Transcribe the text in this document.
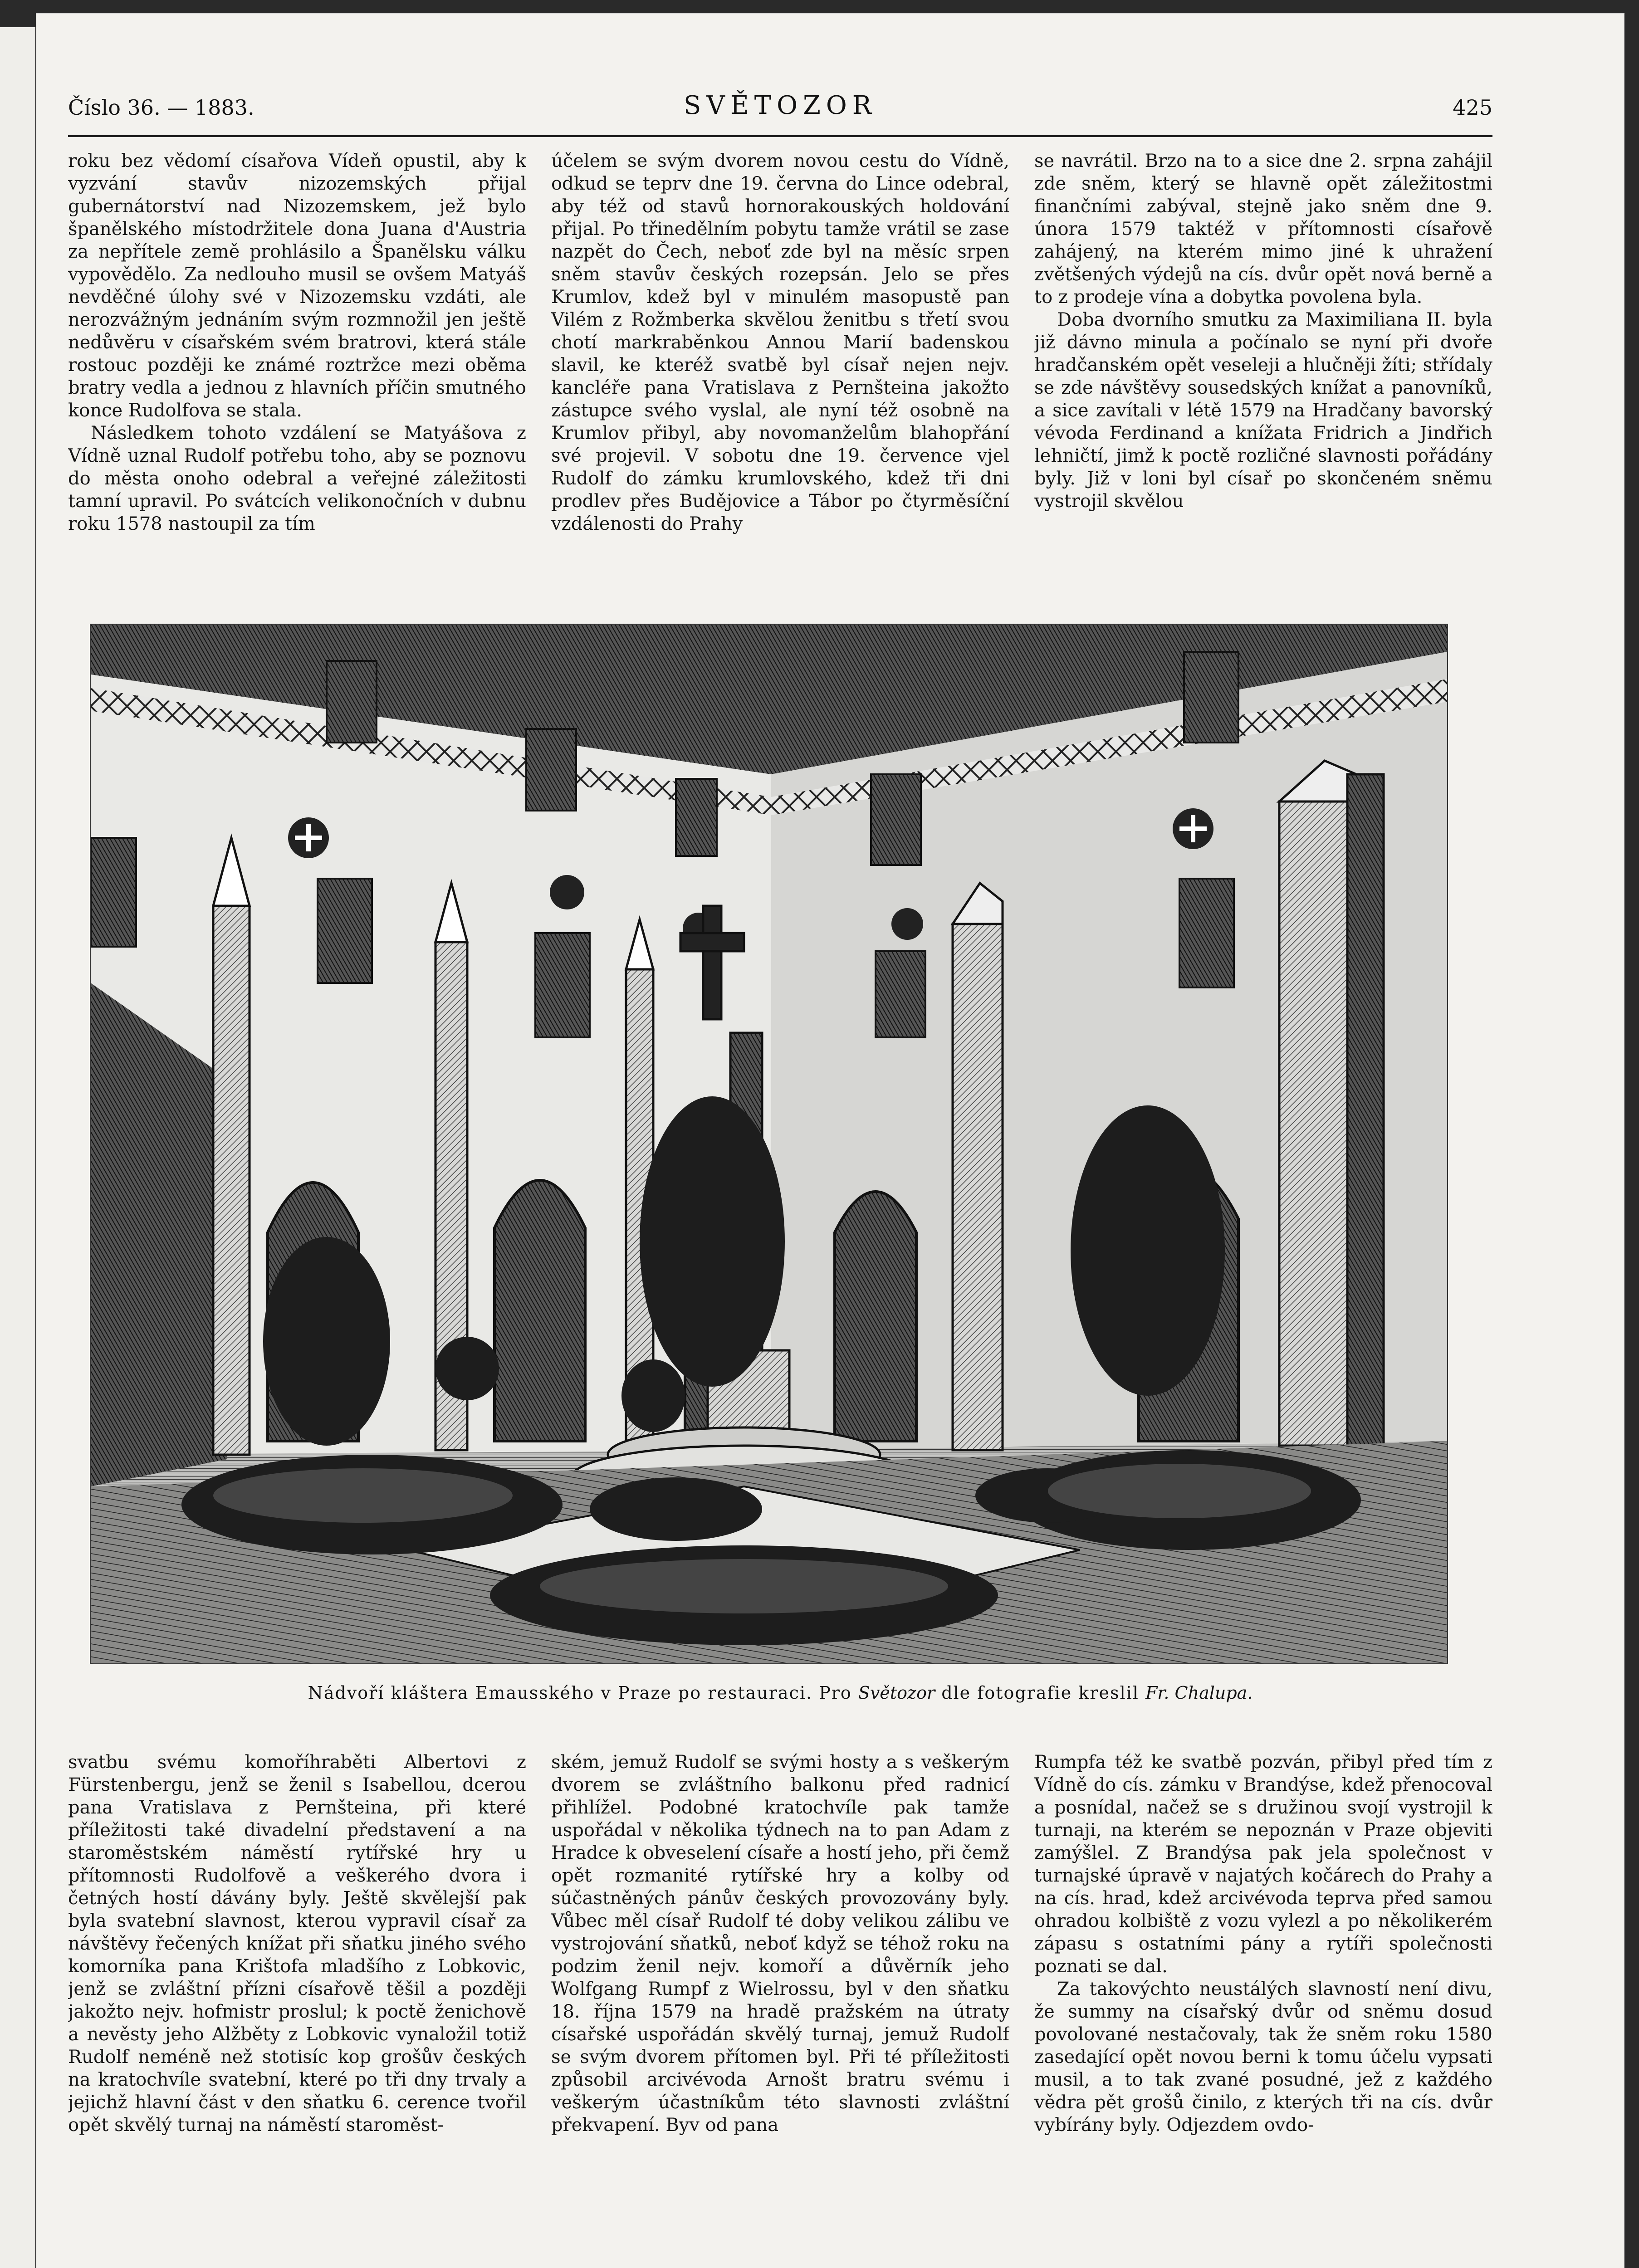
Číslo 36. — 1883.	SVĚTOZOR	425

roku bez vědomí císařova Vídeň opustil, aby k vyzvání stavův nizozemských přijal gubernátorství nad Nizozemskem, jež bylo španělského místodržitele dona Juana d'Austria za nepřítele země prohlásilo a Španělsku válku vypovědělo. Za nedlouho musil se ovšem Matyáš nevděčné úlohy své v Nizozemsku vzdáti, ale nerozvážným jednáním svým rozmnožil jen ještě nedůvěru v císařském svém bratrovi, která stále rostouc později ke známé roztržce mezi oběma bratry vedla a jednou z hlavních příčin smutného konce Rudolfova se stala.

Následkem tohoto vzdálení se Matyášova z Vídně uznal Rudolf potřebu toho, aby se poznovu do města onoho odebral a veřejné záležitosti tamní upravil. Po svátcích velikonočních v dubnu roku 1578 nastoupil za tím

účelem se svým dvorem novou cestu do Vídně, odkud se teprv dne 19. června do Lince odebral, aby též od stavů hornorakouských holdování přijal. Po třinedělním pobytu tamže vrátil se zase nazpět do Čech, neboť zde byl na měsíc srpen sněm stavův českých rozepsán. Jelo se přes Krumlov, kdež byl v minulém masopustě pan Vilém z Rožmberka skvělou ženitbu s třetí svou chotí markraběnkou Annou Marií badenskou slavil, ke kteréž svatbě byl císař nejen nejv. kancléře pana Vratislava z Pernšteina jakožto zástupce svého vyslal, ale nyní též osobně na Krumlov přibyl, aby novomanželům blahopřání své projevil. V sobotu dne 19. července vjel Rudolf do zámku krumlovského, kdež tři dni prodlev přes Budějovice a Tábor po čtyrměsíční vzdálenosti do Prahy

se navrátil. Brzo na to a sice dne 2. srpna zahájil zde sněm, který se hlavně opět záležitostmi finančními zabýval, stejně jako sněm dne 9. února 1579 taktéž v přítomnosti císařově zahájený, na kterém mimo jiné k uhražení zvětšených výdejů na cís. dvůr opět nová berně a to z prodeje vína a dobytka povolena byla.

Doba dvorního smutku za Maximiliana II. byla již dávno minula a počínalo se nyní při dvoře hradčanském opět veseleji a hlučněji žíti; střídaly se zde návštěvy sousedských knížat a panovníků, a sice zavítali v létě 1579 na Hradčany bavorský vévoda Ferdinand a knížata Fridrich a Jindřich lehničtí, jimž k poctě rozličné slavnosti pořádány byly. Již v loni byl císař po skončeném sněmu vystrojil skvělou

Nádvoří kláštera Emausského v Praze po restauraci. Pro Světozor dle fotografie kreslil Fr. Chalupa.

svatbu svému komoříhraběti Albertovi z Fürstenbergu, jenž se ženil s Isabellou, dcerou pana Vratislava z Pernšteina, při které příležitosti také divadelní představení a na staroměstském náměstí rytířské hry u přítomnosti Rudolfově a veškerého dvora i četných hostí dávány byly. Ještě skvělejší pak byla svatební slavnost, kterou vypravil císař za návštěvy řečených knížat při sňatku jiného svého komorníka pana Krištofa mladšího z Lobkovic, jenž se zvláštní přízni císařově těšil a později jakožto nejv. hofmistr proslul; k poctě ženichově a nevěsty jeho Alžběty z Lobkovic vynaložil totiž Rudolf neméně než stotisíc kop grošův českých na kratochvíle svatební, které po tři dny trvaly a jejichž hlavní část v den sňatku 6. cerence tvořil opět skvělý turnaj na náměstí staroměst-

ském, jemuž Rudolf se svými hosty a s veškerým dvorem se zvláštního balkonu před radnicí přihlížel. Podobné kratochvíle pak tamže uspořádal v několika týdnech na to pan Adam z Hradce k obveselení císaře a hostí jeho, při čemž opět rozmanité rytířské hry a kolby od súčastněných pánův českých provozovány byly. Vůbec měl císař Rudolf té doby velikou zálibu ve vystrojování sňatků, neboť když se téhož roku na podzim ženil nejv. komoří a důvěrník jeho Wolfgang Rumpf z Wielrossu, byl v den sňatku 18. října 1579 na hradě pražském na útraty císařské uspořádán skvělý turnaj, jemuž Rudolf se svým dvorem přítomen byl. Při té příležitosti způsobil arcivévoda Arnošt bratru svému i veškerým účastníkům této slavnosti zvláštní překvapení. Byv od pana

Rumpfa též ke svatbě pozván, přibyl před tím z Vídně do cís. zámku v Brandýse, kdež přenocoval a posnídal, načež se s družinou svojí vystrojil k turnaji, na kterém se nepoznán v Praze objeviti zamýšlel. Z Brandýsa pak jela společnost v turnajské úpravě v najatých kočárech do Prahy a na cís. hrad, kdež arcivévoda teprva před samou ohradou kolbiště z vozu vylezl a po několikerém zápasu s ostatními pány a rytíři společnosti poznati se dal.

Za takovýchto neustálých slavností není divu, že summy na císařský dvůr od sněmu dosud povolované nestačovaly, tak že sněm roku 1580 zasedající opět novou berni k tomu účelu vypsati musil, a to tak zvané posudné, jež z každého vědra pět grošů činilo, z kterých tři na cís. dvůr vybírány byly. Odjezdem ovdo-
